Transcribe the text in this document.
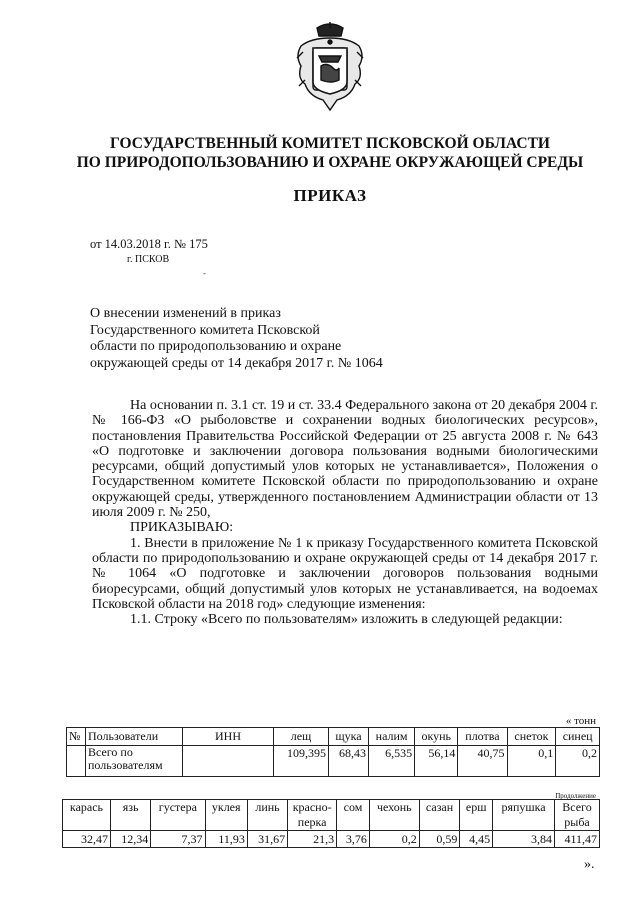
ГОСУДАРСТВЕННЫЙ КОМИТЕТ ПСКОВСКОЙ ОБЛАСТИ
ПО ПРИРОДОПОЛЬЗОВАНИЮ И ОХРАНЕ ОКРУЖАЮЩЕЙ СРЕДЫ
ПРИКАЗ
от 14.03.2018 г. № 175
г. ПСКОВ
-
О внесении изменений в приказ
Государственного комитета Псковской
области по природопользованию и охране
окружающей среды от 14 декабря 2017 г. № 1064

На основании п. 3.1 ст. 19 и ст. 33.4 Федерального закона от 20 декабря 2004 г. № 166-ФЗ «О рыболовстве и сохранении водных биологических ресурсов», постановления Правительства Российской Федерации от 25 августа 2008 г. № 643 «О подготовке и заключении договора пользования водными биологическими ресурсами, общий допустимый улов которых не устанавливается», Положения о Государственном комитете Псковской области по природопользованию и охране окружающей среды, утвержденного постановлением Администрации области от 13 июля 2009 г. № 250,

ПРИКАЗЫВАЮ:

1. Внести в приложение № 1 к приказу Государственного комитета Псковской области по природопользованию и охране окружающей среды от 14 декабря 2017 г. № 1064 «О подготовке и заключении договоров пользования водными биоресурсами, общий допустимый улов которых не устанавливается, на водоемах Псковской области на 2018 год» следующие изменения:

1.1. Строку «Всего по пользователям» изложить в следующей редакции:

« тонн
№	Пользователи	ИНН	лещ	щука	налим	окунь	плотва	снеток	синец
	Всего по пользователям		109,395	68,43	6,535	56,14	40,75	0,1	0,2
Продолжение
карась	язь	густера	уклея	линь	красно-перка	сом	чехонь	сазан	ерш	ряпушка	Всего рыба
32,47	12,34	7,37	11,93	31,67	21,3	3,76	0,2	0,59	4,45	3,84	411,47
».
